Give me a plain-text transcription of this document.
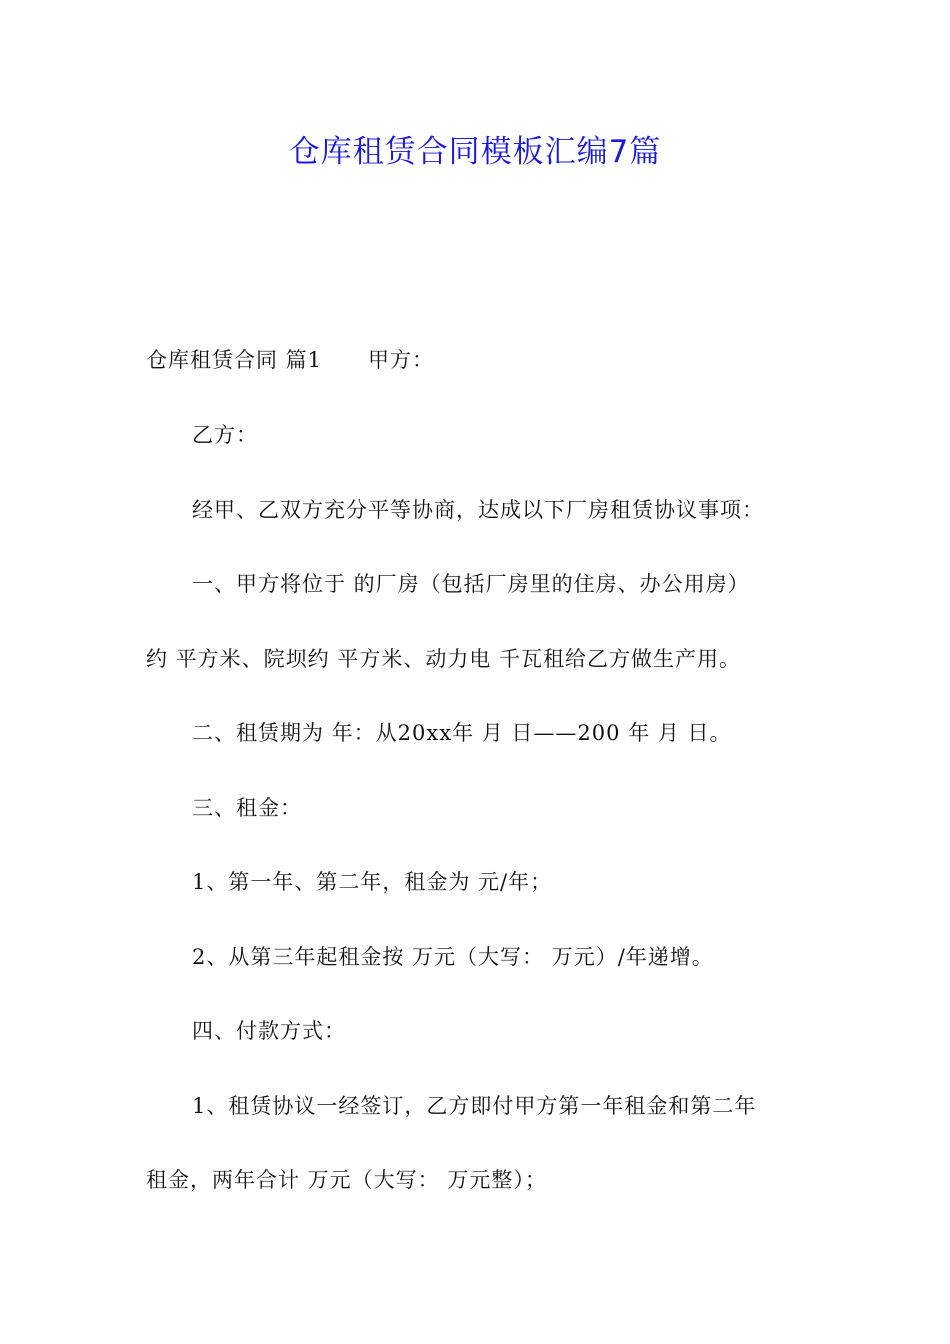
仓库租赁合同模板汇编7篇
仓库租赁合同 篇1 甲方：
乙方：
经甲、乙双方充分平等协商，达成以下厂房租赁协议事项：
一、甲方将位于 的厂房（包括厂房里的住房、办公用房）
约 平方米、院坝约 平方米、动力电 千瓦租给乙方做生产用。
二、租赁期为 年：从20xx年 月 日——200 年 月 日。
三、租金：
1、第一年、第二年，租金为 元/年；
2、从第三年起租金按 万元（大写： 万元）/年递增。
四、付款方式：
1、租赁协议一经签订，乙方即付甲方第一年租金和第二年
租金，两年合计 万元（大写： 万元整）；
